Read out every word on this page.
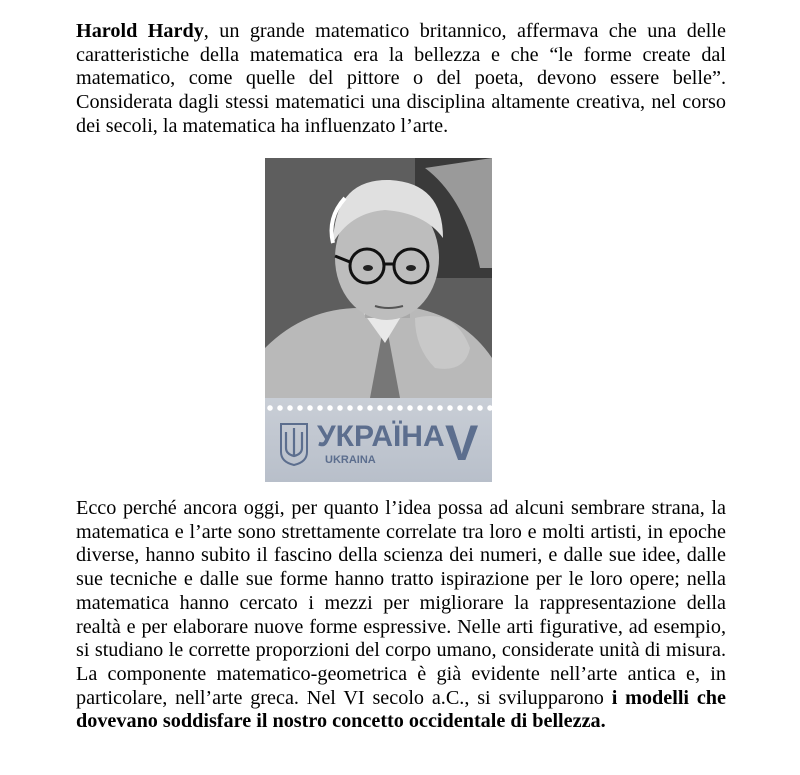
Harold Hardy, un grande matematico britannico, affermava che una delle caratteristiche della matematica era la bellezza e che “le forme create dal matematico, come quelle del pittore o del poeta, devono essere belle”. Considerata dagli stessi matematici una disciplina altamente creativa, nel corso dei secoli, la matematica ha influenzato l’arte.

УКРАЇНА
UKRAINA V

Ecco perché ancora oggi, per quanto l’idea possa ad alcuni sembrare strana, la matematica e l’arte sono strettamente correlate tra loro e molti artisti, in epoche diverse, hanno subito il fascino della scienza dei numeri, e dalle sue idee, dalle sue tecniche e dalle sue forme hanno tratto ispirazione per le loro opere; nella matematica hanno cercato i mezzi per migliorare la rappresentazione della realtà e per elaborare nuove forme espressive. Nelle arti figurative, ad esempio, si studiano le corrette proporzioni del corpo umano, considerate unità di misura. La componente matematico-geometrica è già evidente nell’arte antica e, in particolare, nell’arte greca. Nel VI secolo a.C., si svilupparono i modelli che dovevano soddisfare il nostro concetto occidentale di bellezza.
